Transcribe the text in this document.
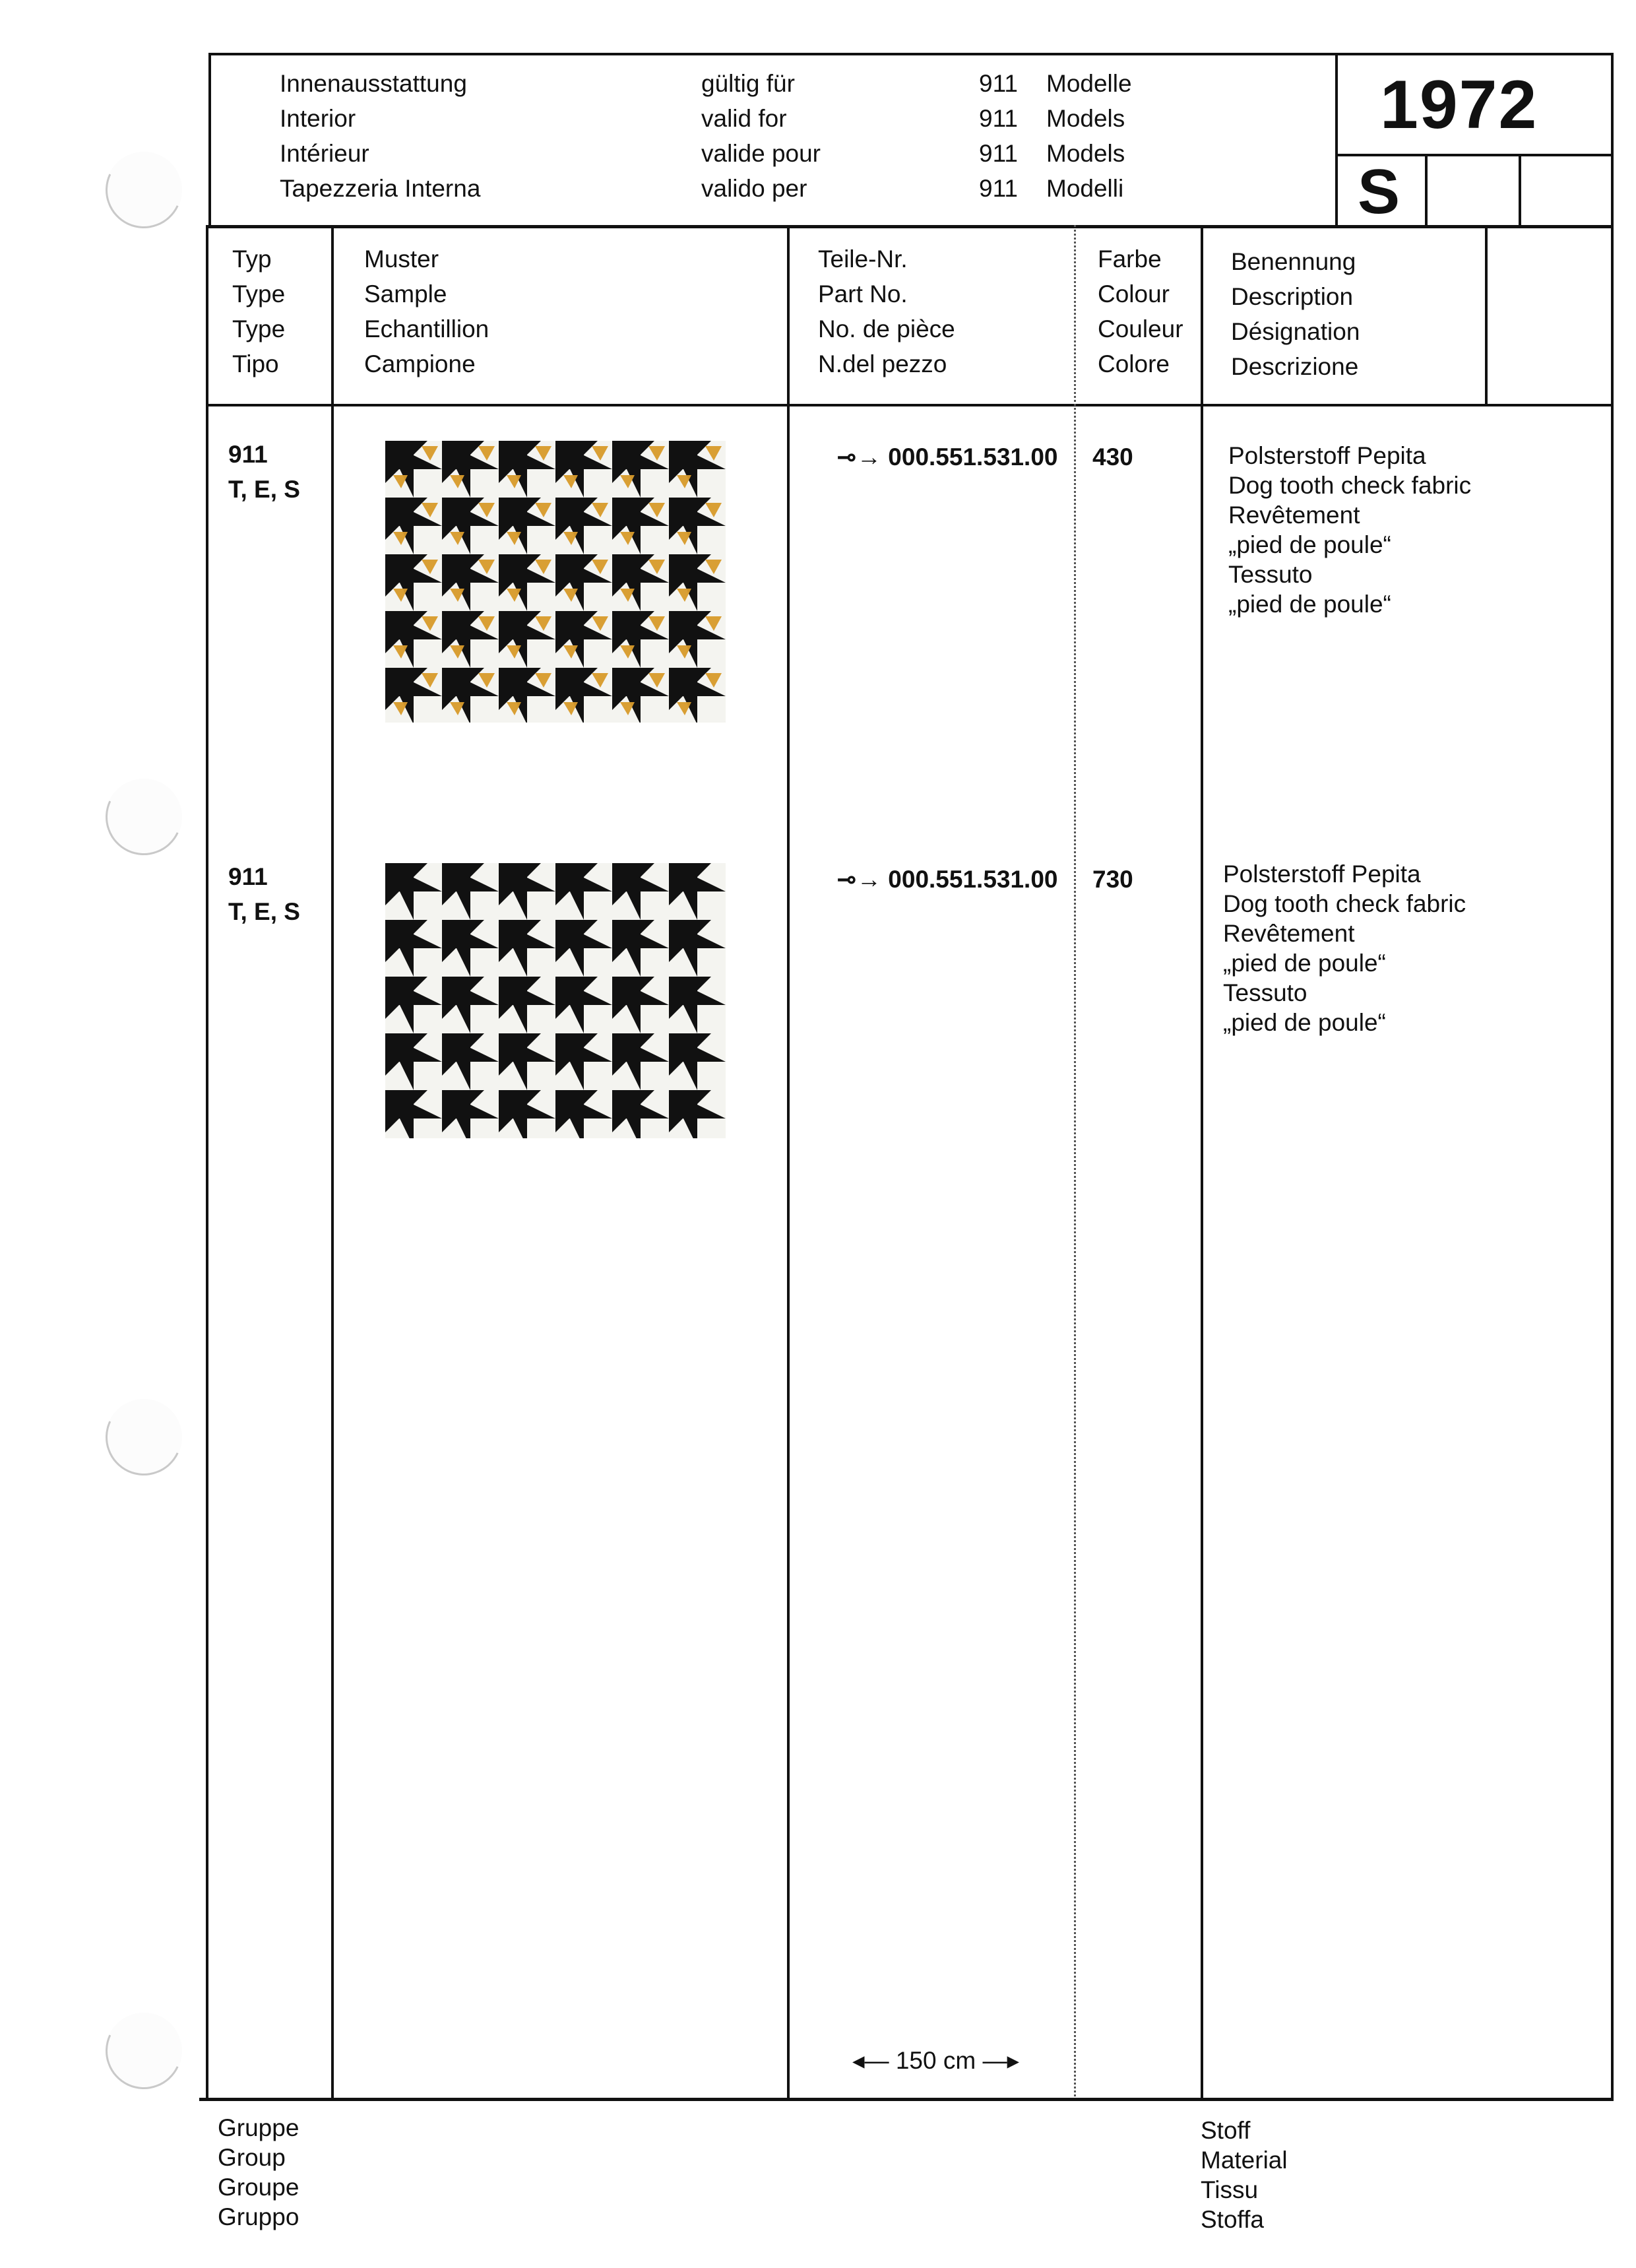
Innenausstattung
Interior
Intérieur
Tapezzeria Interna
gültig für
valid for
valide pour
valido per
911
911
911
911
Modelle
Models
Models
Modelli
1972
S
Typ
Type
Type
Tipo
Muster
Sample
Echantillion
Campione
Teile-Nr.
Part No.
No. de pièce
N.del pezzo
Farbe
Colour
Couleur
Colore
Benennung
Description
Désignation
Descrizione
911
T, E, S
⊸→ 000.551.531.00 430	Polsterstoff Pepita
Dog tooth check fabric
Revêtement
„pied de poule“
Tessuto
„pied de poule“
911
T, E, S
⊸→ 000.551.531.00 730	Polsterstoff Pepita
Dog tooth check fabric
Revêtement
„pied de poule“
Tessuto
„pied de poule“
◂— 150 cm —▸
Gruppe
Group
Groupe
Gruppo
Stoff
Material
Tissu
Stoffa
